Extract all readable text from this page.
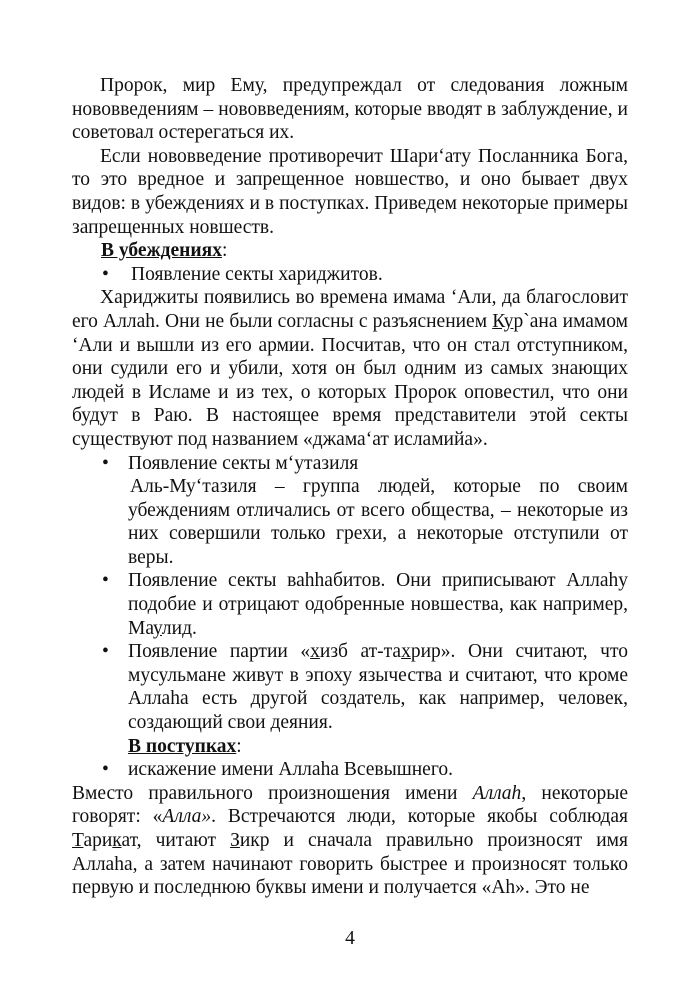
Пророк, мир Ему, предупреждал от следования ложным нововведениям – нововведениям, которые вводят в заблуждение, и советовал остерегаться их.

Если нововведение противоречит Шари‘ату Посланника Бога, то это вредное и запрещенное новшество, и оно бывает двух видов: в убеждениях и в поступках. Приведем некоторые примеры запрещенных новшеств.

В убеждениях:

•	Появление секты хариджитов.

Хариджиты появились во времена имама ‘Али, да благословит его Аллаh. Они не были согласны с разъяснением Кур`ана имамом ‘Али и вышли из его армии. Посчитав, что он стал отступником, они судили его и убили, хотя он был одним из самых знающих людей в Исламе и из тех, о которых Пророк оповестил, что они будут в Раю. В настоящее время представители этой секты существуют под названием «джама‘ат исламийа».

• Появление секты м‘утазиля

Аль-Му‘тазиля – группа людей, которые по своим убеждениям отличались от всего общества, – некоторые из них совершили только грехи, а некоторые отступили от веры.

• Появление секты ваhhабитов. Они приписывают Аллаhу подобие и отрицают одобренные новшества, как например, Маулид.
• Появление партии «хизб ат-тахрир». Они считают, что мусульмане живут в эпоху язычества и считают, что кроме Аллаhа есть другой создатель, как например, человек, создающий свои деяния.

В поступках:

• искажение имени Аллаhа Всевышнего.

Вместо правильного произношения имени Аллаh, некоторые говорят: «Алла». Встречаются люди, которые якобы соблюдая Тарикат, читают Зикр и сначала правильно произносят имя Аллаhа, а затем начинают говорить быстрее и произносят только первую и последнюю буквы имени и получается «Аh». Это не

4
